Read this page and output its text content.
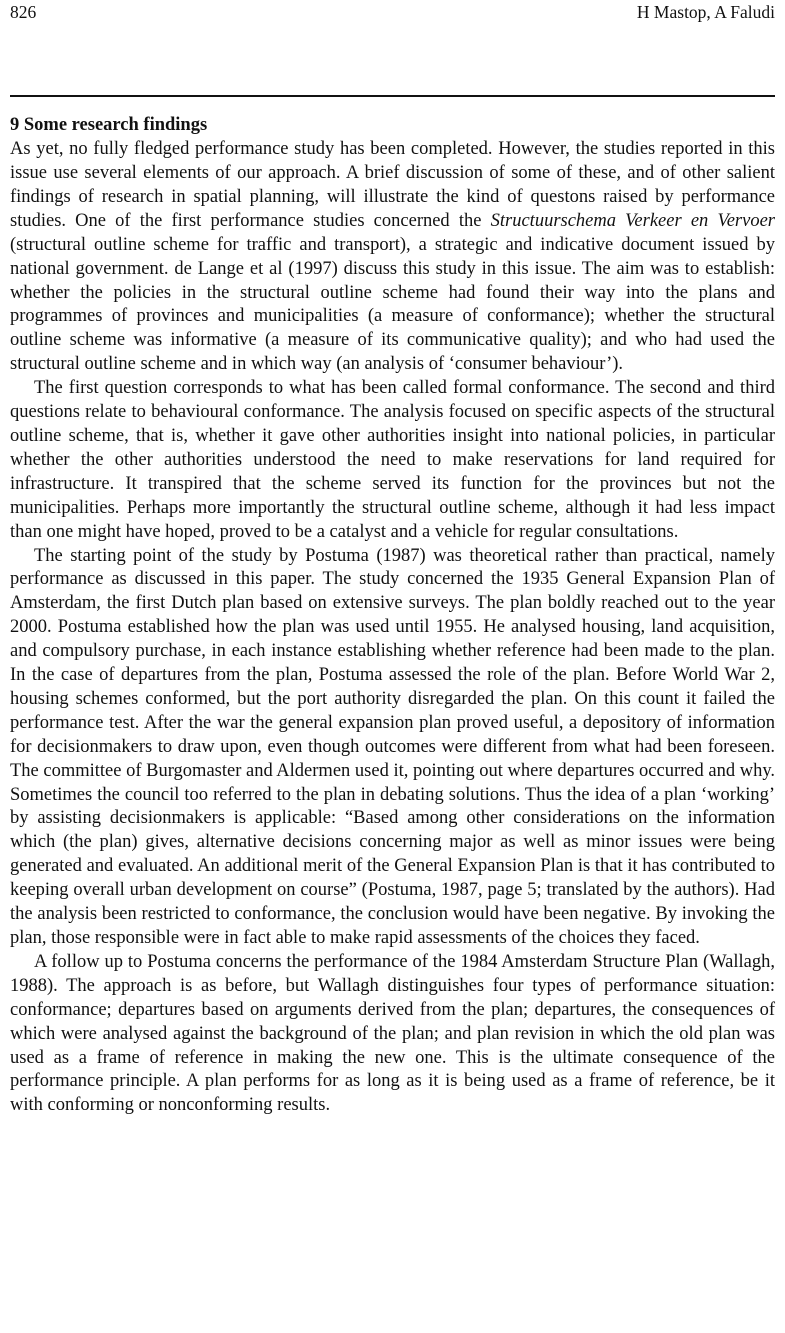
826	H Mastop, A Faludi
9 Some research findings

As yet, no fully fledged performance study has been completed. However, the studies reported in this issue use several elements of our approach. A brief discussion of some of these, and of other salient findings of research in spatial planning, will illustrate the kind of questons raised by performance studies. One of the first performance studies concerned the Structuurschema Verkeer en Vervoer (structural outline scheme for traffic and transport), a strategic and indicative document issued by national government. de Lange et al (1997) discuss this study in this issue. The aim was to establish: whether the policies in the structural outline scheme had found their way into the plans and programmes of provinces and municipalities (a measure of conformance); whether the structural outline scheme was informative (a measure of its communicative quality); and who had used the structural outline scheme and in which way (an analysis of ‘consumer behaviour’).

The first question corresponds to what has been called formal conformance. The second and third questions relate to behavioural conformance. The analysis focused on specific aspects of the structural outline scheme, that is, whether it gave other authorities insight into national policies, in particular whether the other authorities understood the need to make reservations for land required for infrastructure. It transpired that the scheme served its function for the provinces but not the municipalities. Perhaps more importantly the structural outline scheme, although it had less impact than one might have hoped, proved to be a catalyst and a vehicle for regular consultations.

The starting point of the study by Postuma (1987) was theoretical rather than practical, namely performance as discussed in this paper. The study concerned the 1935 General Expansion Plan of Amsterdam, the first Dutch plan based on extensive surveys. The plan boldly reached out to the year 2000. Postuma established how the plan was used until 1955. He analysed housing, land acquisition, and compulsory purchase, in each instance establishing whether reference had been made to the plan. In the case of departures from the plan, Postuma assessed the role of the plan. Before World War 2, housing schemes conformed, but the port authority disregarded the plan. On this count it failed the performance test. After the war the general expansion plan proved useful, a depository of information for decisionmakers to draw upon, even though outcomes were different from what had been foreseen. The committee of Burgomaster and Aldermen used it, pointing out where departures occurred and why. Sometimes the council too referred to the plan in debating solutions. Thus the idea of a plan ‘working’ by assisting decisionmakers is applicable: “Based among other considerations on the information which (the plan) gives, alternative decisions concerning major as well as minor issues were being generated and evaluated. An additional merit of the General Expansion Plan is that it has contributed to keeping overall urban development on course” (Postuma, 1987, page 5; translated by the authors). Had the analysis been restricted to conformance, the conclusion would have been negative. By invoking the plan, those responsible were in fact able to make rapid assessments of the choices they faced.

A follow up to Postuma concerns the performance of the 1984 Amsterdam Structure Plan (Wallagh, 1988). The approach is as before, but Wallagh distinguishes four types of performance situation: conformance; departures based on arguments derived from the plan; departures, the consequences of which were analysed against the background of the plan; and plan revision in which the old plan was used as a frame of reference in making the new one. This is the ultimate consequence of the performance principle. A plan performs for as long as it is being used as a frame of reference, be it with conforming or nonconforming results.
